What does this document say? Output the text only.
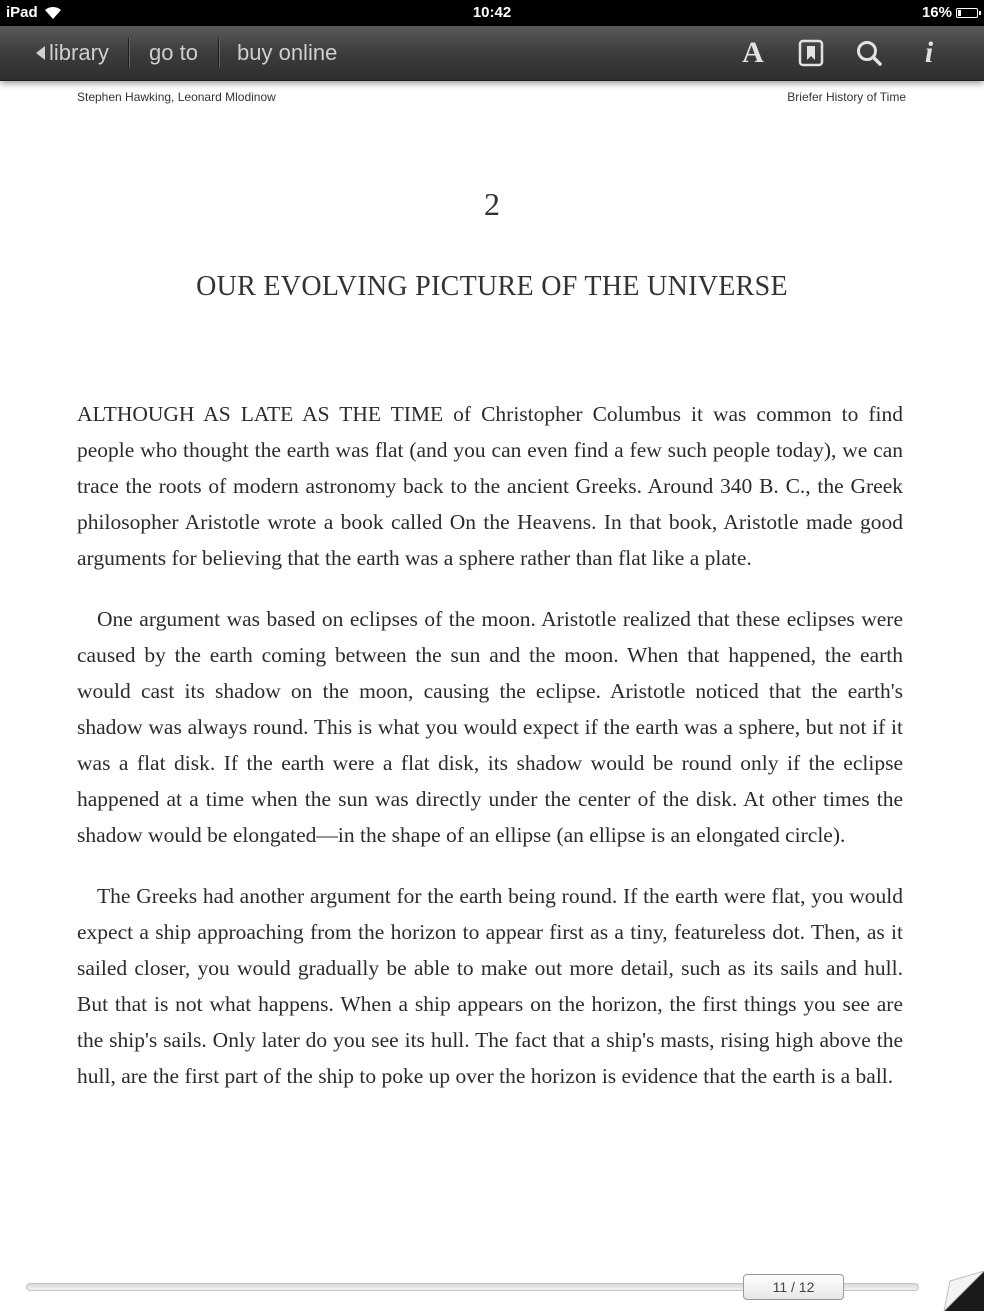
iPad	10:42	16%
library go to buy online	A	i
Stephen Hawking, Leonard Mlodinow	Briefer History of Time
2
OUR EVOLVING PICTURE OF THE UNIVERSE

ALTHOUGH AS LATE AS THE TIME of Christopher Columbus it was common to find people who thought the earth was flat (and you can even find a few such people today), we can trace the roots of modern astronomy back to the ancient Greeks. Around 340 B. C., the Greek philosopher Aristotle wrote a book called On the Heavens. In that book, Aristotle made good arguments for believing that the earth was a sphere rather than flat like a plate.

One argument was based on eclipses of the moon. Aristotle realized that these eclipses were caused by the earth coming between the sun and the moon. When that happened, the earth would cast its shadow on the moon, causing the eclipse. Aristotle noticed that the earth's shadow was always round. This is what you would expect if the earth was a sphere, but not if it was a flat disk. If the earth were a flat disk, its shadow would be round only if the eclipse happened at a time when the sun was directly under the center of the disk. At other times the shadow would be elongated—in the shape of an ellipse (an ellipse is an elongated circle).

The Greeks had another argument for the earth being round. If the earth were flat, you would expect a ship approaching from the horizon to appear first as a tiny, featureless dot. Then, as it sailed closer, you would gradually be able to make out more detail, such as its sails and hull. But that is not what happens. When a ship appears on the horizon, the first things you see are the ship's sails. Only later do you see its hull. The fact that a ship's masts, rising high above the hull, are the first part of the ship to poke up over the horizon is evidence that the earth is a ball.

11 / 12
